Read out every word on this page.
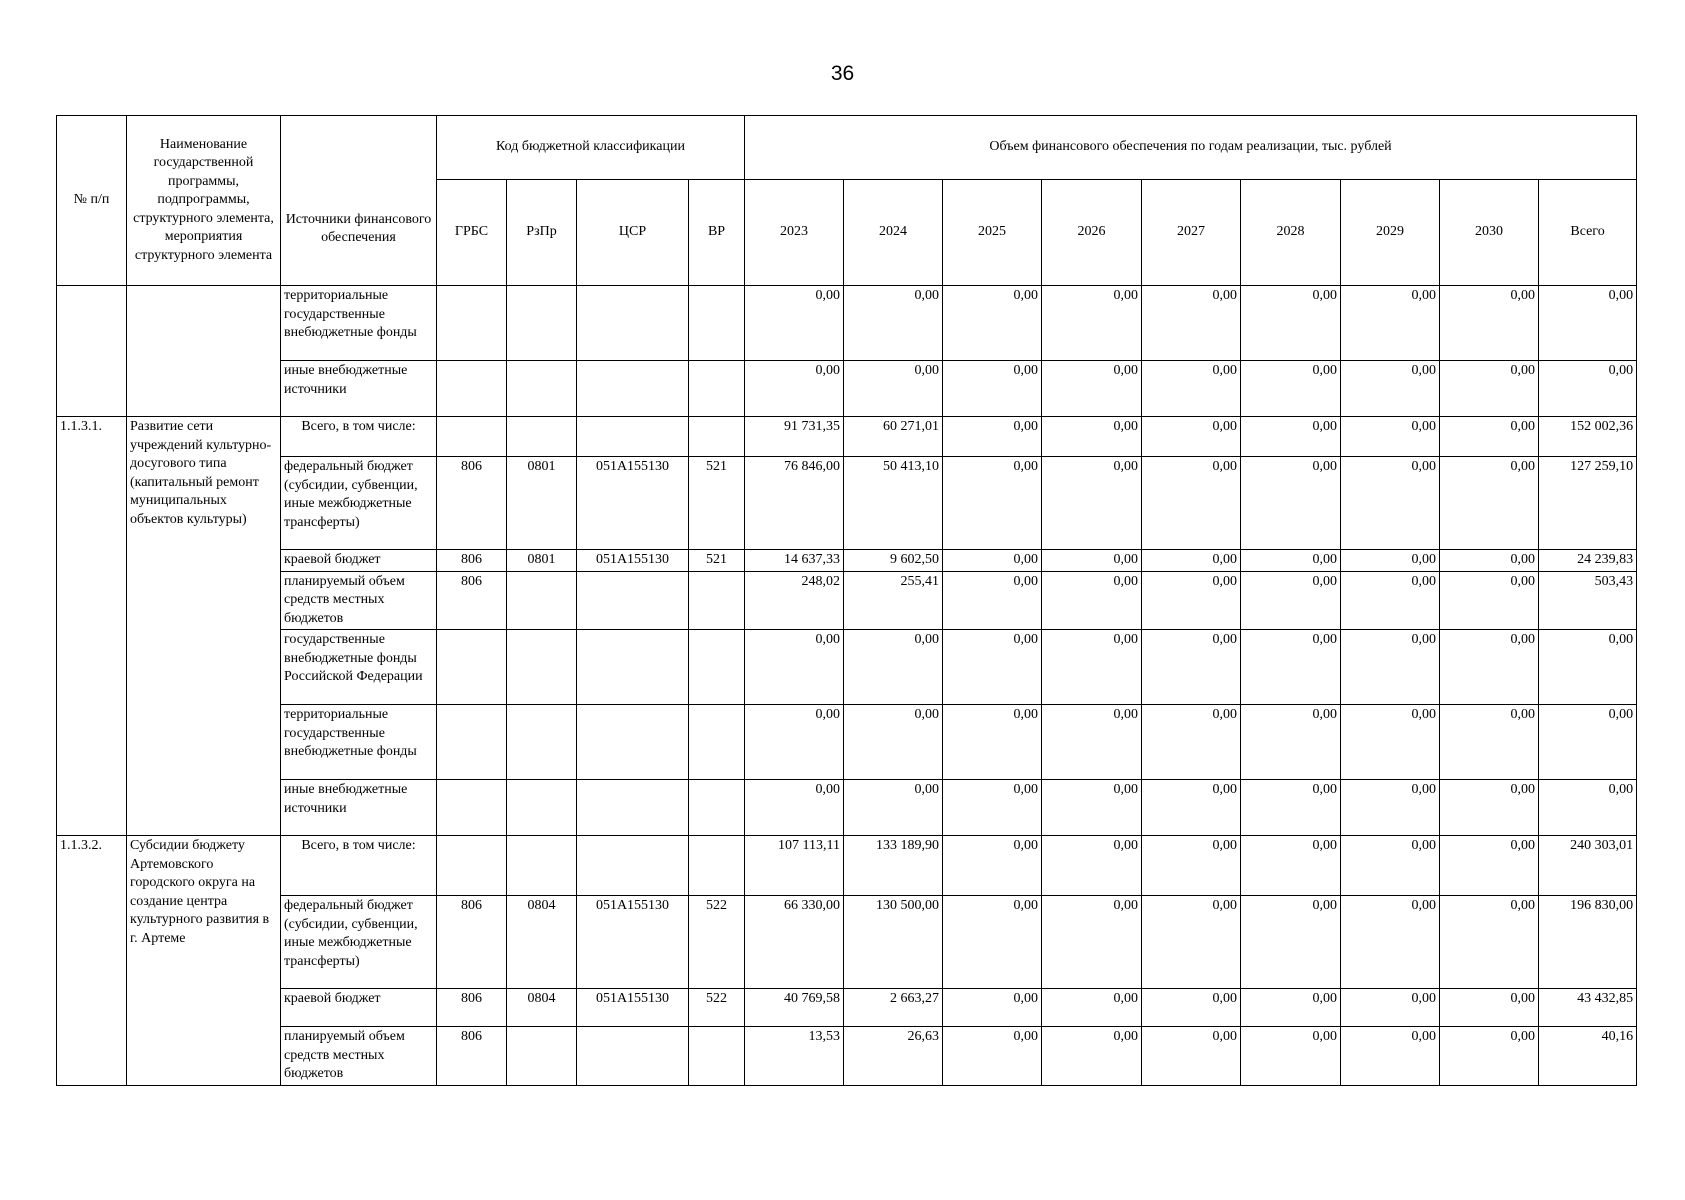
36
№ п/п	Наименование государственной программы, подпрограммы, структурного элемента, мероприятия структурного элемента	Источники финансового обеспечения	Код бюджетной классификации				Объем финансового обеспечения по годам реализации, тыс. рублей								
			ГРБС	РзПр	ЦСР	ВР	2023	2024	2025	2026	2027	2028	2029	2030	Всего
		территориальные государственные внебюджетные фонды					0,00	0,00	0,00	0,00	0,00	0,00	0,00	0,00	0,00
		иные внебюджетные источники					0,00	0,00	0,00	0,00	0,00	0,00	0,00	0,00	0,00
1.1.3.1.	Развитие сети учреждений культурно-досугового типа (капитальный ремонт муниципальных объектов культуры)	Всего, в том числе:					91 731,35	60 271,01	0,00	0,00	0,00	0,00	0,00	0,00	152 002,36
		федеральный бюджет (субсидии, субвенции, иные межбюджетные трансферты)	806	0801	051A155130	521	76 846,00	50 413,10	0,00	0,00	0,00	0,00	0,00	0,00	127 259,10
		краевой бюджет	806	0801	051A155130	521	14 637,33	9 602,50	0,00	0,00	0,00	0,00	0,00	0,00	24 239,83
		планируемый объем средств местных бюджетов	806				248,02	255,41	0,00	0,00	0,00	0,00	0,00	0,00	503,43
		государственные внебюджетные фонды Российской Федерации					0,00	0,00	0,00	0,00	0,00	0,00	0,00	0,00	0,00
		территориальные государственные внебюджетные фонды					0,00	0,00	0,00	0,00	0,00	0,00	0,00	0,00	0,00
		иные внебюджетные источники					0,00	0,00	0,00	0,00	0,00	0,00	0,00	0,00	0,00
1.1.3.2.	Субсидии бюджету Артемовского городского округа на создание центра культурного развития в г. Артеме	Всего, в том числе:					107 113,11	133 189,90	0,00	0,00	0,00	0,00	0,00	0,00	240 303,01
		федеральный бюджет (субсидии, субвенции, иные межбюджетные трансферты)	806	0804	051A155130	522	66 330,00	130 500,00	0,00	0,00	0,00	0,00	0,00	0,00	196 830,00
		краевой бюджет	806	0804	051A155130	522	40 769,58	2 663,27	0,00	0,00	0,00	0,00	0,00	0,00	43 432,85
		планируемый объем средств местных бюджетов	806				13,53	26,63	0,00	0,00	0,00	0,00	0,00	0,00	40,16
